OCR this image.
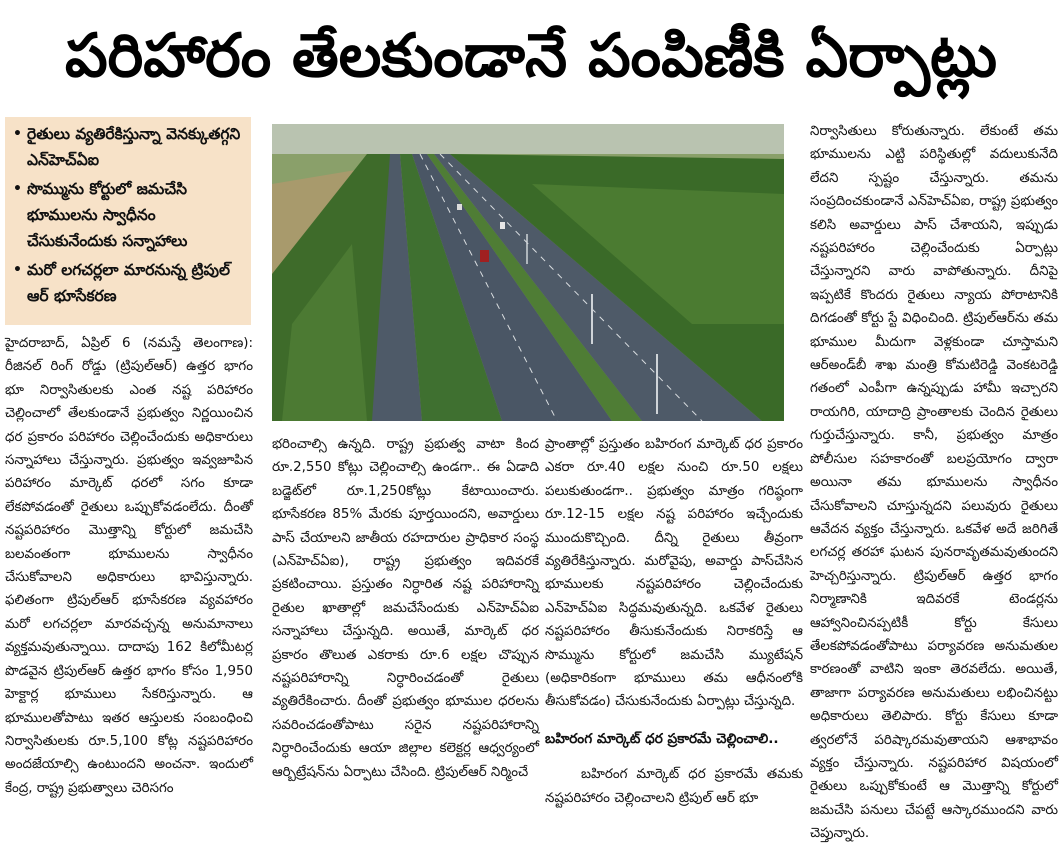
పరిహారం తేలకుండానే పంపిణీకి ఏర్పాట్లు
• రైతులు వ్యతిరేకిస్తున్నా వెనక్కుతగ్గని ఎన్‌హెచ్‌ఏఐ
• సొమ్మును కోర్టులో జమచేసి భూములను స్వాధీనం చేసుకునేందుకు సన్నాహాలు
• మరో లగచర్లలా మారనున్న ట్రిపుల్ ఆర్ భూసేకరణ

హైదరాబాద్, ఏప్రిల్ 6 (నమస్తే తెలంగాణ): రీజినల్ రింగ్ రోడ్డు (ట్రిపుల్‌ఆర్) ఉత్తర భాగం భూ నిర్వాసితులకు ఎంత నష్ట పరిహారం చెల్లించాలో తేలకుండానే ప్రభుత్వం నిర్ణయించిన ధర ప్రకారం పరిహారం చెల్లించేందుకు అధికారులు సన్నాహాలు చేస్తున్నారు. ప్రభుత్వం ఇవ్వజూపిన పరిహారం మార్కెట్ ధరలో సగం కూడా లేకపోవడంతో రైతులు ఒప్పుకోవడంలేదు. దీంతో నష్టపరిహారం మొత్తాన్ని కోర్టులో జమచేసి బలవంతంగా భూములను స్వాధీనం చేసుకోవాలని అధికారులు భావిస్తున్నారు. ఫలితంగా ట్రిపుల్‌ఆర్ భూసేకరణ వ్యవహారం మరో లగచర్లలా మారవచ్చన్న అనుమానాలు వ్యక్తమవుతున్నాయి. దాదాపు 162 కిలోమీటర్ల పొడవైన ట్రిపుల్‌ఆర్ ఉత్తర భాగం కోసం 1,950 హెక్టార్ల భూములు సేకరిస్తున్నారు. ఆ భూములతోపాటు ఇతర ఆస్తులకు సంబంధించి నిర్వాసితులకు రూ.5,100 కోట్ల నష్టపరిహారం అందజేయాల్సి ఉంటుందని అంచనా. ఇందులో కేంద్ర, రాష్ట్ర ప్రభుత్వాలు చెరిసగం

భరించాల్సి ఉన్నది. రాష్ట్ర ప్రభుత్వ వాటా కింద రూ.2,550 కోట్లు చెల్లించాల్సి ఉండగా.. ఈ ఏడాది బడ్జెట్‌లో రూ.1,250కోట్లు కేటాయించారు. భూసేకరణ 85% మేరకు పూర్తయిందని, అవార్డులు పాస్ చేయాలని జాతీయ రహదారుల ప్రాధికార సంస్థ (ఎన్‌హెచ్‌ఏఐ), రాష్ట్ర ప్రభుత్వం ఇదివరకే ప్రకటించాయి. ప్రస్తుతం నిర్ధారిత నష్ట పరిహారాన్ని రైతుల ఖాతాల్లో జమచేసేందుకు ఎన్‌హెచ్‌ఏఐ సన్నాహాలు చేస్తున్నది. అయితే, మార్కెట్ ధర ప్రకారం తొలుత ఎకరాకు రూ.6 లక్షల చొప్పున నష్టపరిహారాన్ని నిర్ధారించడంతో రైతులు వ్యతిరేకించారు. దీంతో ప్రభుత్వం భూముల ధరలను సవరించడంతోపాటు సరైన నష్టపరిహారాన్ని నిర్ధారించేందుకు ఆయా జిల్లాల కలెక్టర్ల ఆధ్వర్యంలో ఆర్బిట్రేషన్‌ను ఏర్పాటు చేసింది. ట్రిపుల్‌ఆర్ నిర్మించే

ప్రాంతాల్లో ప్రస్తుతం బహిరంగ మార్కెట్ ధర ప్రకారం ఎకరా రూ.40 లక్షల నుంచి రూ.50 లక్షలు పలుకుతుండగా.. ప్రభుత్వం మాత్రం గరిష్ఠంగా రూ.12-15 లక్షల నష్ట పరిహారం ఇచ్చేందుకు ముందుకొచ్చింది. దీన్ని రైతులు తీవ్రంగా వ్యతిరేకిస్తున్నారు. మరోవైపు, అవార్డు పాస్‌చేసిన భూములకు నష్టపరిహారం చెల్లించేందుకు ఎన్‌హెచ్‌ఏఐ సిద్ధమవుతున్నది. ఒకవేళ రైతులు నష్టపరిహారం తీసుకునేందుకు నిరాకరిస్తే ఆ సొమ్మును కోర్టులో జమచేసి మ్యుటేషన్ (అధికారికంగా భూములు తమ ఆధీనంలోకి తీసుకోవడం) చేసుకునేందుకు ఏర్పాట్లు చేస్తున్నది.

బహిరంగ మార్కెట్ ధర ప్రకారమే చెల్లించాలి..

బహిరంగ మార్కెట్ ధర ప్రకారమే తమకు నష్టపరిహారం చెల్లించాలని ట్రిపుల్ ఆర్ భూ

నిర్వాసితులు కోరుతున్నారు. లేకుంటే తమ భూములను ఎట్టి పరిస్థితుల్లో వదులుకునేది లేదని స్పష్టం చేస్తున్నారు. తమను సంప్రదించకుండానే ఎన్‌హెచ్‌ఏఐ, రాష్ట్ర ప్రభుత్వం కలిసి అవార్డులు పాస్ చేశాయని, ఇప్పుడు నష్టపరిహారం చెల్లించేందుకు ఏర్పాట్లు చేస్తున్నారని వారు వాపోతున్నారు. దీనిపై ఇప్పటికే కొందరు రైతులు న్యాయ పోరాటానికి దిగడంతో కోర్టు స్టే విధించింది. ట్రిపుల్‌ఆర్‌ను తమ భూముల మీదుగా వెళ్లకుండా చూస్తామని ఆర్‌అండ్‌బీ శాఖ మంత్రి కోమటిరెడ్డి వెంకటరెడ్డి గతంలో ఎంపీగా ఉన్నప్పుడు హామీ ఇచ్చారని రాయగిరి, యాదాద్రి ప్రాంతాలకు చెందిన రైతులు గుర్తుచేస్తున్నారు. కానీ, ప్రభుత్వం మాత్రం పోలీసుల సహకారంతో బలప్రయోగం ద్వారా అయినా తమ భూములను స్వాధీనం చేసుకోవాలని చూస్తున్నదని పలువురు రైతులు ఆవేదన వ్యక్తం చేస్తున్నారు. ఒకవేళ అదే జరిగితే లగచర్ల తరహా ఘటన పునరావృతమవుతుందని హెచ్చరిస్తున్నారు. ట్రిపుల్‌ఆర్ ఉత్తర భాగం నిర్మాణానికి ఇదివరకే టెండర్లను ఆహ్వానించినప్పటికీ కోర్టు కేసులు తేలకపోవడంతోపాటు పర్యావరణ అనుమతుల కారణంతో వాటిని ఇంకా తెరవలేదు. అయితే, తాజాగా పర్యావరణ అనుమతులు లభించినట్టు అధికారులు తెలిపారు. కోర్టు కేసులు కూడా త్వరలోనే పరిష్కారమవుతాయని ఆశాభావం వ్యక్తం చేస్తున్నారు. నష్టపరిహార విషయంలో రైతులు ఒప్పుకోకుంటే ఆ మొత్తాన్ని కోర్టులో జమచేసి పనులు చేపట్టే ఆస్కారముందని వారు చెప్తున్నారు.
